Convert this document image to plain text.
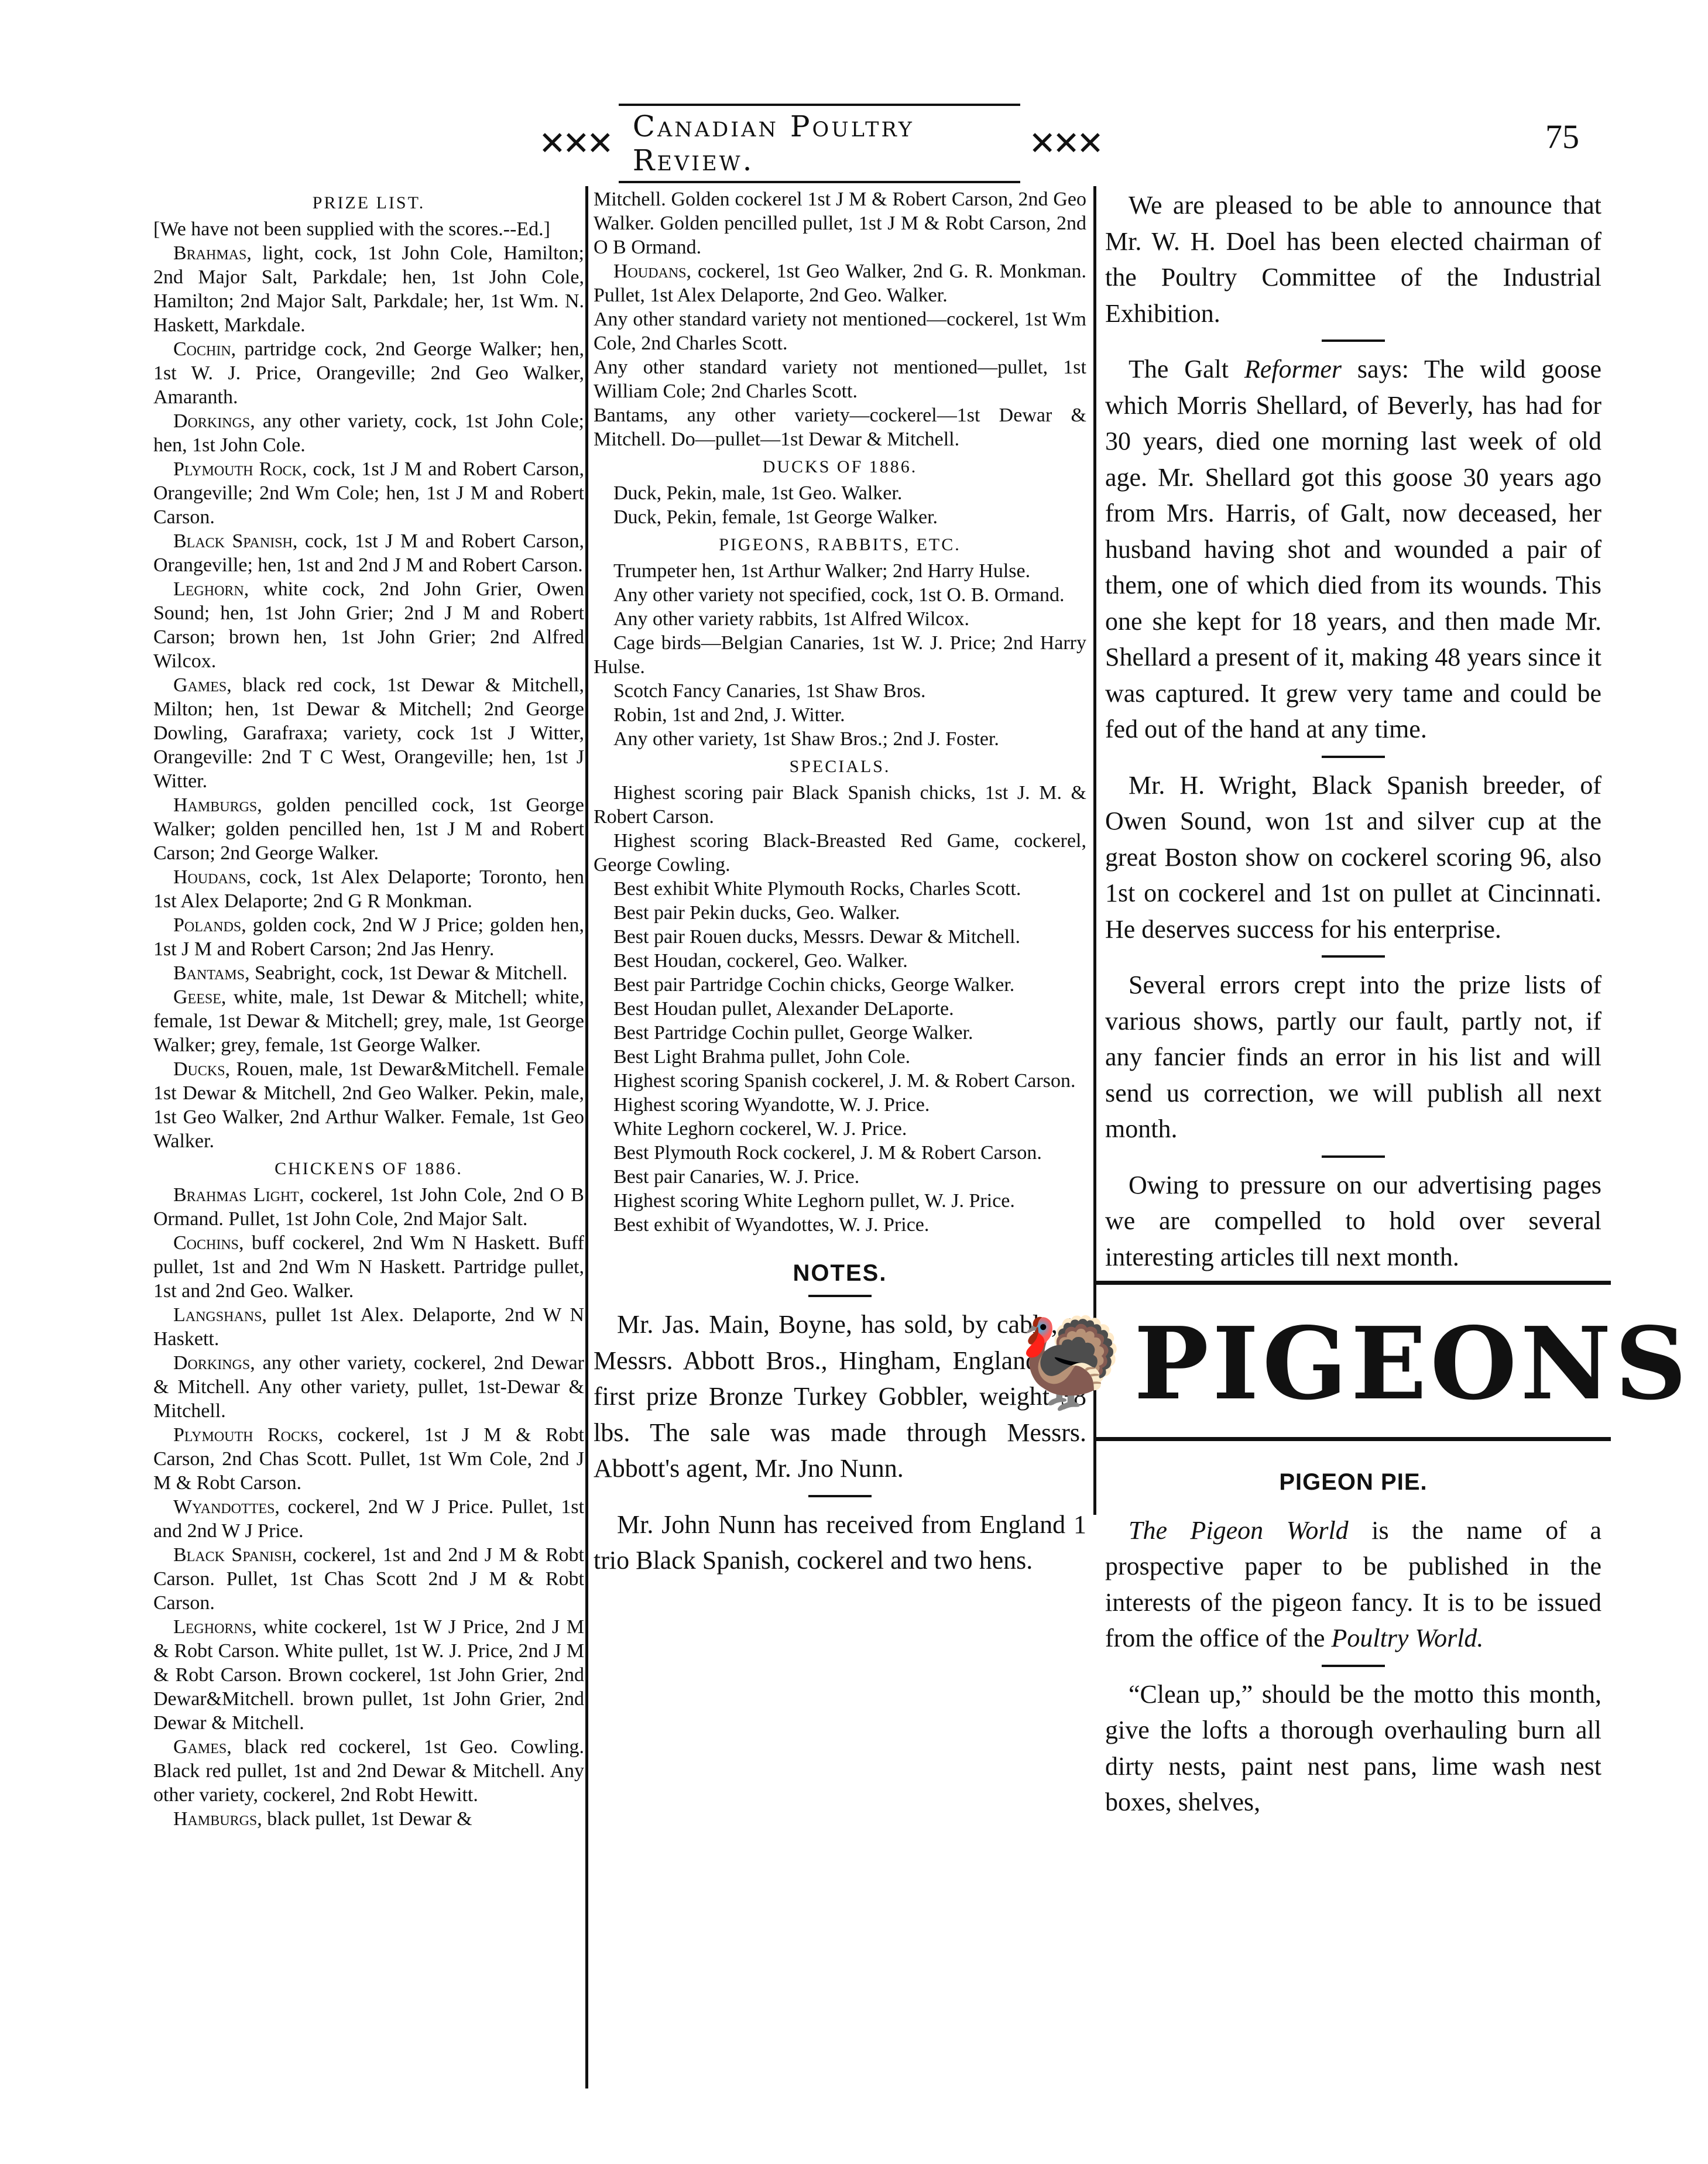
✕✕✕ Canadian Poultry Review.	✕✕✕	75
PRIZE LIST.

[We have not been supplied with the scores.--Ed.]

Brahmas, light, cock, 1st John Cole, Hamilton; 2nd Major Salt, Parkdale; hen, 1st John Cole, Hamilton; 2nd Major Salt, Parkdale; her, 1st Wm. N. Haskett, Markdale.

Cochin, partridge cock, 2nd George Walker; hen, 1st W. J. Price, Orangeville; 2nd Geo Walker, Amaranth.

Dorkings, any other variety, cock, 1st John Cole; hen, 1st John Cole.

Plymouth Rock, cock, 1st J M and Robert Carson, Orangeville; 2nd Wm Cole; hen, 1st J M and Robert Carson.

Black Spanish, cock, 1st J M and Robert Carson, Orangeville; hen, 1st and 2nd J M and Robert Carson.

Leghorn, white cock, 2nd John Grier, Owen Sound; hen, 1st John Grier; 2nd J M and Robert Carson; brown hen, 1st John Grier; 2nd Alfred Wilcox.

Games, black red cock, 1st Dewar & Mitchell, Milton; hen, 1st Dewar & Mitchell; 2nd George Dowling, Garafraxa; variety, cock 1st J Witter, Orangeville: 2nd T C West, Orangeville; hen, 1st J Witter.

Hamburgs, golden pencilled cock, 1st George Walker; golden pencilled hen, 1st J M and Robert Carson; 2nd George Walker.

Houdans, cock, 1st Alex Delaporte; Toronto, hen 1st Alex Delaporte; 2nd G R Monkman.

Polands, golden cock, 2nd W J Price; golden hen, 1st J M and Robert Carson; 2nd Jas Henry.

Bantams, Seabright, cock, 1st Dewar & Mitchell.

Geese, white, male, 1st Dewar & Mitchell; white, female, 1st Dewar & Mitchell; grey, male, 1st George Walker; grey, female, 1st George Walker.

Ducks, Rouen, male, 1st Dewar&Mitchell. Female 1st Dewar & Mitchell, 2nd Geo Walker. Pekin, male, 1st Geo Walker, 2nd Arthur Walker. Female, 1st Geo Walker.

CHICKENS OF 1886.

Brahmas Light, cockerel, 1st John Cole, 2nd O B Ormand. Pullet, 1st John Cole, 2nd Major Salt.

Cochins, buff cockerel, 2nd Wm N Haskett. Buff pullet, 1st and 2nd Wm N Haskett. Partridge pullet, 1st and 2nd Geo. Walker.

Langshans, pullet 1st Alex. Delaporte, 2nd W N Haskett.

Dorkings, any other variety, cockerel, 2nd Dewar & Mitchell. Any other variety, pullet, 1st-Dewar & Mitchell.

Plymouth Rocks, cockerel, 1st J M & Robt Carson, 2nd Chas Scott. Pullet, 1st Wm Cole, 2nd J M & Robt Carson.

Wyandottes, cockerel, 2nd W J Price. Pullet, 1st and 2nd W J Price.

Black Spanish, cockerel, 1st and 2nd J M & Robt Carson. Pullet, 1st Chas Scott 2nd J M & Robt Carson.

Leghorns, white cockerel, 1st W J Price, 2nd J M & Robt Carson. White pullet, 1st W. J. Price, 2nd J M & Robt Carson. Brown cockerel, 1st John Grier, 2nd Dewar&Mitchell. brown pullet, 1st John Grier, 2nd Dewar & Mitchell.

Games, black red cockerel, 1st Geo. Cowling. Black red pullet, 1st and 2nd Dewar & Mitchell. Any other variety, cockerel, 2nd Robt Hewitt.

Hamburgs, black pullet, 1st Dewar &

Mitchell. Golden cockerel 1st J M & Robert Carson, 2nd Geo Walker. Golden pencilled pullet, 1st J M & Robt Carson, 2nd O B Ormand.

Houdans, cockerel, 1st Geo Walker, 2nd G. R. Monkman. Pullet, 1st Alex Delaporte, 2nd Geo. Walker.

Any other standard variety not mentioned—cockerel, 1st Wm Cole, 2nd Charles Scott.

Any other standard variety not mentioned—pullet, 1st William Cole; 2nd Charles Scott.

Bantams, any other variety—cockerel—1st Dewar & Mitchell. Do—pullet—1st Dewar & Mitchell.

DUCKS OF 1886.

Duck, Pekin, male, 1st Geo. Walker.

Duck, Pekin, female, 1st George Walker.

PIGEONS, RABBITS, ETC.

Trumpeter hen, 1st Arthur Walker; 2nd Harry Hulse.

Any other variety not specified, cock, 1st O. B. Ormand.

Any other variety rabbits, 1st Alfred Wilcox.

Cage birds—Belgian Canaries, 1st W. J. Price; 2nd Harry Hulse.

Scotch Fancy Canaries, 1st Shaw Bros.

Robin, 1st and 2nd, J. Witter.

Any other variety, 1st Shaw Bros.; 2nd J. Foster.

SPECIALS.

Highest scoring pair Black Spanish chicks, 1st J. M. & Robert Carson.

Highest scoring Black-Breasted Red Game, cockerel, George Cowling.

Best exhibit White Plymouth Rocks, Charles Scott.

Best pair Pekin ducks, Geo. Walker.

Best pair Rouen ducks, Messrs. Dewar & Mitchell.

Best Houdan, cockerel, Geo. Walker.

Best pair Partridge Cochin chicks, George Walker.

Best Houdan pullet, Alexander DeLaporte.

Best Partridge Cochin pullet, George Walker.

Best Light Brahma pullet, John Cole.

Highest scoring Spanish cockerel, J. M. & Robert Carson.

Highest scoring Wyandotte, W. J. Price.

White Leghorn cockerel, W. J. Price.

Best Plymouth Rock cockerel, J. M & Robert Carson.

Best pair Canaries, W. J. Price.

Highest scoring White Leghorn pullet, W. J. Price.

Best exhibit of Wyandottes, W. J. Price.

NOTES.

Mr. Jas. Main, Boyne, has sold, by cable, to Messrs. Abbott Bros., Hingham, England, his first prize Bronze Turkey Gobbler, weight 38 lbs. The sale was made through Messrs. Abbott's agent, Mr. Jno Nunn.

Mr. John Nunn has received from England 1 trio Black Spanish, cockerel and two hens.

We are pleased to be able to announce that Mr. W. H. Doel has been elected chairman of the Poultry Committee of the Industrial Exhibition.

The Galt Reformer says: The wild goose which Morris Shellard, of Beverly, has had for 30 years, died one morning last week of old age. Mr. Shellard got this goose 30 years ago from Mrs. Harris, of Galt, now deceased, her husband having shot and wounded a pair of them, one of which died from its wounds. This one she kept for 18 years, and then made Mr. Shellard a present of it, making 48 years since it was captured. It grew very tame and could be fed out of the hand at any time.

Mr. H. Wright, Black Spanish breeder, of Owen Sound, won 1st and silver cup at the great Boston show on cockerel scoring 96, also 1st on cockerel and 1st on pullet at Cincinnati. He deserves success for his enterprise.

Several errors crept into the prize lists of various shows, partly our fault, partly not, if any fancier finds an error in his list and will send us correction, we will publish all next month.

Owing to pressure on our advertising pages we are compelled to hold over several interesting articles till next month.

🦃 PIGEONS
PIGEON PIE.

The Pigeon World is the name of a prospective paper to be published in the interests of the pigeon fancy. It is to be issued from the office of the Poultry World.

“Clean up,” should be the motto this month, give the lofts a thorough overhauling burn all dirty nests, paint nest pans, lime wash nest boxes, shelves,
